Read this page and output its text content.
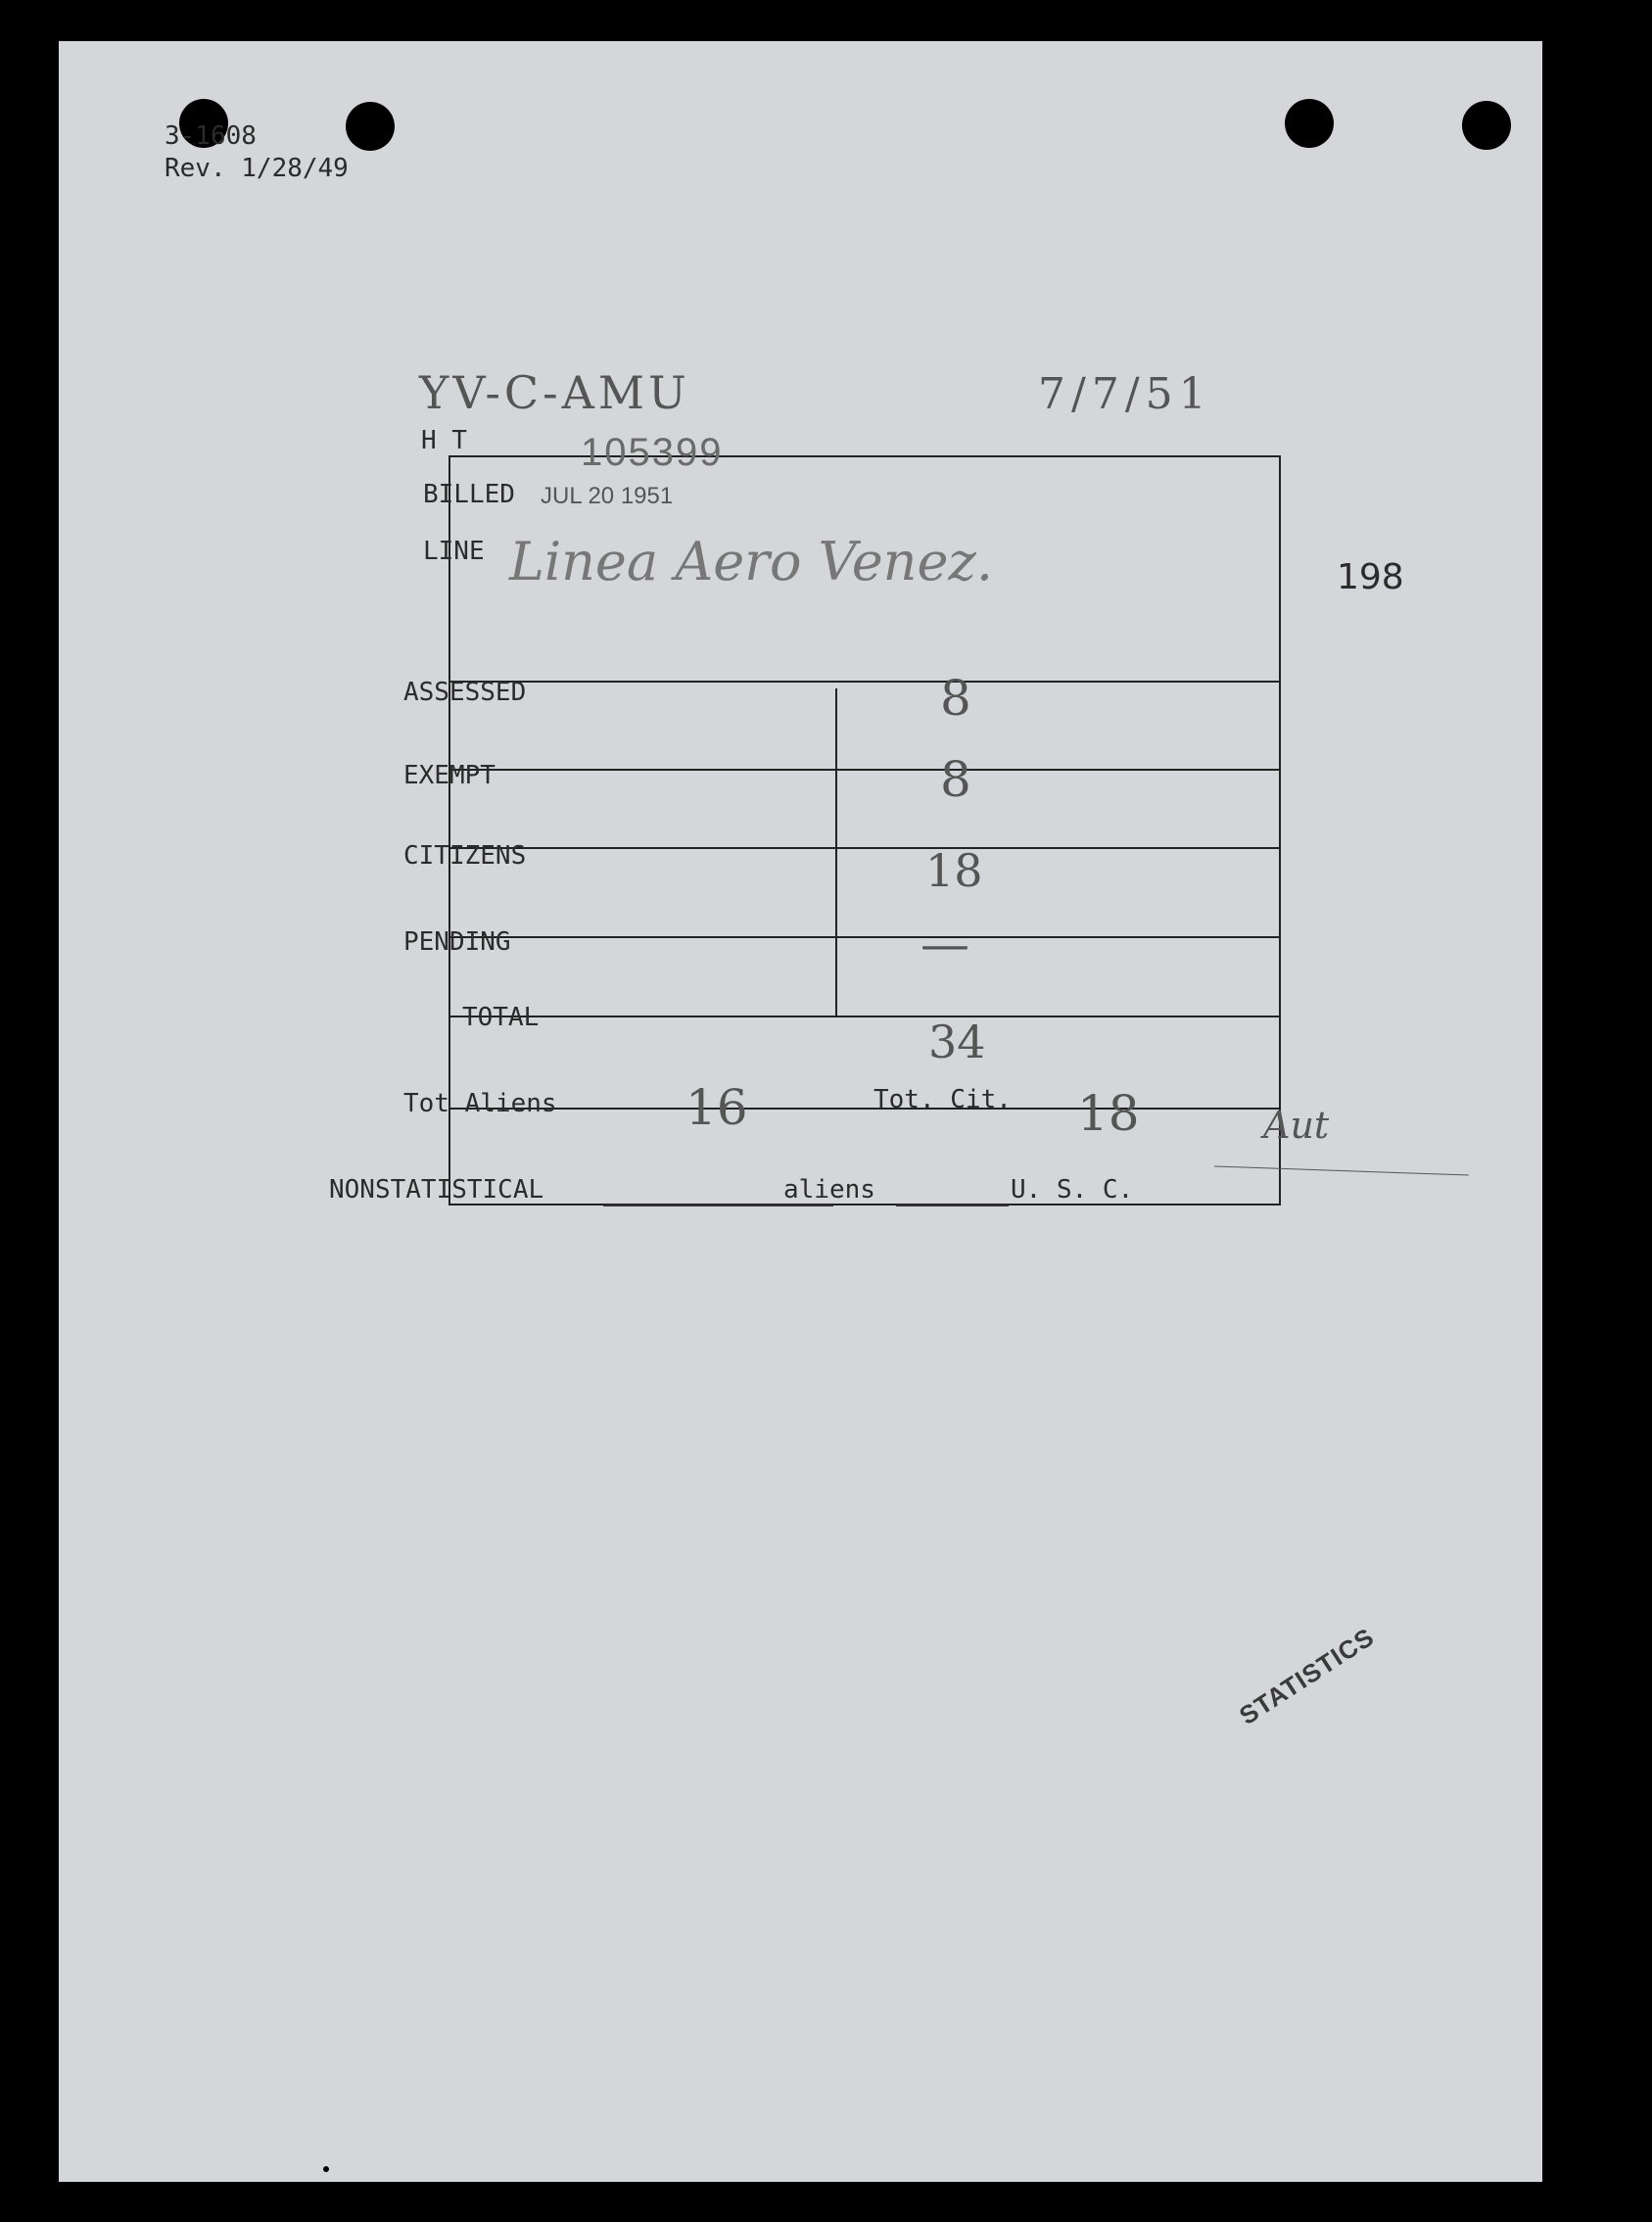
3-1608
Rev. 1/28/49
YV-C-AMU	7/7/51
198
H T	105399
BILLED JUL 20 1951
LINE Linea Aero Venez.
ASSESSED	8
EXEMPT	8
CITIZENS	18
PENDING	—
TOTAL	34
Tot Aliens	16	Tot. Cit. 18	Aut
NONSTATISTICAL	aliens	U. S. C.
STATISTICS
